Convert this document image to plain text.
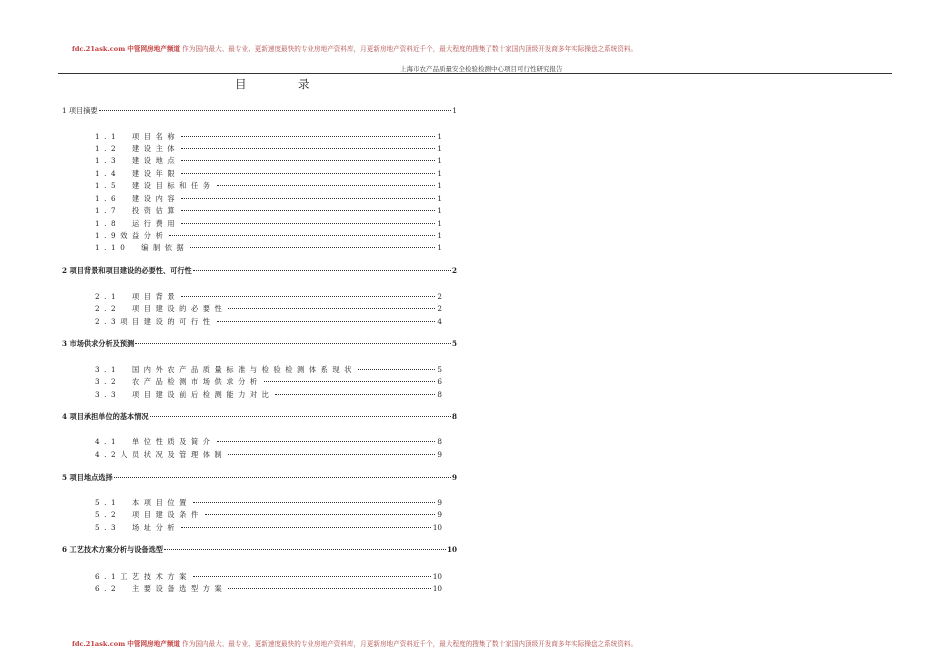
fdc.21ask.com 中管网房地产频道 作为国内最大、最专业、更新速度最快的专业房地产资料库，月更新房地产资料近千个，最大程度的搜集了数十家国内顶级开发商多年实际操盘之系统资料。
上海市农产品质量安全检验检测中心项目可行性研究报告
目　录
1 项目摘要	1
1.1　项目名称	1
1.2　建设主体	1
1.3　建设地点	1
1.4　建设年限	1
1.5　建设目标和任务	1
1.6　建设内容	1
1.7　投资估算	1
1.8　运行费用	1
1.9效益分析	1
1.10　编制依据	1
2 项目背景和项目建设的必要性、可行性	2
2.1　项目背景	2
2.2　项目建设的必要性	2
2.3项目建设的可行性	4
3 市场供求分析及预测	5
3.1　国内外农产品质量标准与检验检测体系现状	5
3.2　农产品检测市场供求分析	6
3.3　项目建设前后检测能力对比	8
4 项目承担单位的基本情况	8
4.1　单位性质及简介	8
4.2人员状况及管理体制	9
5 项目地点选择	9
5.1　本项目位置	9
5.2　项目建设条件	9
5.3　场址分析	10
6 工艺技术方案分析与设备选型	10
6.1工艺技术方案	10
6.2　主要设备选型方案	10
fdc.21ask.com 中管网房地产频道 作为国内最大、最专业、更新速度最快的专业房地产资料库，月更新房地产资料近千个，最大程度的搜集了数十家国内顶级开发商多年实际操盘之系统资料。
